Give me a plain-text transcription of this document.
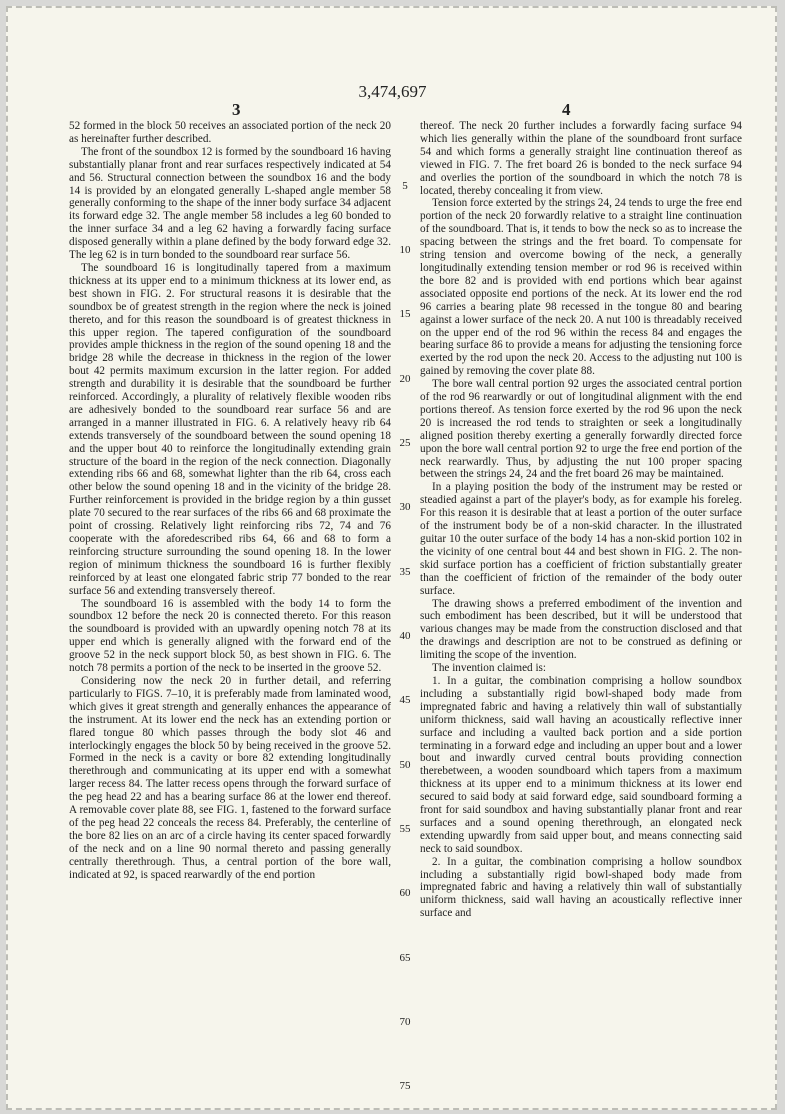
3,474,697
3	4

52 formed in the block 50 receives an associated portion of the neck 20 as hereinafter further described.

The front of the soundbox 12 is formed by the soundboard 16 having substantially planar front and rear surfaces respectively indicated at 54 and 56. Structural connection between the soundbox 16 and the body 14 is provided by an elongated generally L-shaped angle member 58 generally conforming to the shape of the inner body surface 34 adjacent its forward edge 32. The angle member 58 includes a leg 60 bonded to the inner surface 34 and a leg 62 having a forwardly facing surface disposed generally within a plane defined by the body forward edge 32. The leg 62 is in turn bonded to the soundboard rear surface 56.

The soundboard 16 is longitudinally tapered from a maximum thickness at its upper end to a minimum thickness at its lower end, as best shown in FIG. 2. For structural reasons it is desirable that the soundbox be of greatest strength in the region where the neck is joined thereto, and for this reason the soundboard is of greatest thickness in this upper region. The tapered configuration of the soundboard provides ample thickness in the region of the sound opening 18 and the bridge 28 while the decrease in thickness in the region of the lower bout 42 permits maximum excursion in the latter region. For added strength and durability it is desirable that the soundboard be further reinforced. Accordingly, a plurality of relatively flexible wooden ribs are adhesively bonded to the soundboard rear surface 56 and are arranged in a manner illustrated in FIG. 6. A relatively heavy rib 64 extends transversely of the soundboard between the sound opening 18 and the upper bout 40 to reinforce the longitudinally extending grain structure of the board in the region of the neck connection. Diagonally extending ribs 66 and 68, somewhat lighter than the rib 64, cross each other below the sound opening 18 and in the vicinity of the bridge 28. Further reinforcement is provided in the bridge region by a thin gusset plate 70 secured to the rear surfaces of the ribs 66 and 68 proximate the point of crossing. Relatively light reinforcing ribs 72, 74 and 76 cooperate with the aforedescribed ribs 64, 66 and 68 to form a reinforcing structure surrounding the sound opening 18. In the lower region of minimum thickness the soundboard 16 is further flexibly reinforced by at least one elongated fabric strip 77 bonded to the rear surface 56 and extending transversely thereof.

The soundboard 16 is assembled with the body 14 to form the soundbox 12 before the neck 20 is connected thereto. For this reason the soundboard is provided with an upwardly opening notch 78 at its upper end which is generally aligned with the forward end of the groove 52 in the neck support block 50, as best shown in FIG. 6. The notch 78 permits a portion of the neck to be inserted in the groove 52.

Considering now the neck 20 in further detail, and referring particularly to FIGS. 7–10, it is preferably made from laminated wood, which gives it great strength and generally enhances the appearance of the instrument. At its lower end the neck has an extending portion or flared tongue 80 which passes through the body slot 46 and interlockingly engages the block 50 by being received in the groove 52. Formed in the neck is a cavity or bore 82 extending longitudinally therethrough and communicating at its upper end with a somewhat larger recess 84. The latter recess opens through the forward surface of the peg head 22 and has a bearing surface 86 at the lower end thereof. A removable cover plate 88, see FIG. 1, fastened to the forward surface of the peg head 22 conceals the recess 84. Preferably, the centerline of the bore 82 lies on an arc of a circle having its center spaced forwardly of the neck and on a line 90 normal thereto and passing generally centrally therethrough. Thus, a central portion of the bore wall, indicated at 92, is spaced rearwardly of the end portion

5
10
15
20
25
30
35
40
45
50
55
60
65
70
75

thereof. The neck 20 further includes a forwardly facing surface 94 which lies generally within the plane of the soundboard front surface 54 and which forms a generally straight line continuation thereof as viewed in FIG. 7. The fret board 26 is bonded to the neck surface 94 and overlies the portion of the soundboard in which the notch 78 is located, thereby concealing it from view.

Tension force exterted by the strings 24, 24 tends to urge the free end portion of the neck 20 forwardly relative to a straight line continuation of the soundboard. That is, it tends to bow the neck so as to increase the spacing between the strings and the fret board. To compensate for string tension and overcome bowing of the neck, a generally longitudinally extending tension member or rod 96 is received within the bore 82 and is provided with end portions which bear against associated opposite end portions of the neck. At its lower end the rod 96 carries a bearing plate 98 recessed in the tongue 80 and bearing against a lower surface of the neck 20. A nut 100 is threadably received on the upper end of the rod 96 within the recess 84 and engages the bearing surface 86 to provide a means for adjusting the tensioning force exerted by the rod upon the neck 20. Access to the adjusting nut 100 is gained by removing the cover plate 88.

The bore wall central portion 92 urges the associated central portion of the rod 96 rearwardly or out of longitudinal alignment with the end portions thereof. As tension force exerted by the rod 96 upon the neck 20 is increased the rod tends to straighten or seek a longitudinally aligned position thereby exerting a generally forwardly directed force upon the bore wall central portion 92 to urge the free end portion of the neck rearwardly. Thus, by adjusting the nut 100 proper spacing between the strings 24, 24 and the fret board 26 may be maintained.

In a playing position the body of the instrument may be rested or steadied against a part of the player's body, as for example his foreleg. For this reason it is desirable that at least a portion of the outer surface of the instrument body be of a non-skid character. In the illustrated guitar 10 the outer surface of the body 14 has a non-skid portion 102 in the vicinity of one central bout 44 and best shown in FIG. 2. The non-skid surface portion has a coefficient of friction substantially greater than the coefficient of friction of the remainder of the body outer surface.

The drawing shows a preferred embodiment of the invention and such embodiment has been described, but it will be understood that various changes may be made from the construction disclosed and that the drawings and description are not to be construed as defining or limiting the scope of the invention.

The invention claimed is:

1. In a guitar, the combination comprising a hollow soundbox including a substantially rigid bowl-shaped body made from impregnated fabric and having a relatively thin wall of substantially uniform thickness, said wall having an acoustically reflective inner surface and including a vaulted back portion and a side portion terminating in a forward edge and including an upper bout and a lower bout and inwardly curved central bouts providing connection therebetween, a wooden soundboard which tapers from a maximum thickness at its upper end to a minimum thickness at its lower end secured to said body at said forward edge, said soundboard forming a front for said soundbox and having substantially planar front and rear surfaces and a sound opening therethrough, an elongated neck extending upwardly from said upper bout, and means connecting said neck to said soundbox.

2. In a guitar, the combination comprising a hollow soundbox including a substantially rigid bowl-shaped body made from impregnated fabric and having a relatively thin wall of substantially uniform thickness, said wall having an acoustically reflective inner surface and
